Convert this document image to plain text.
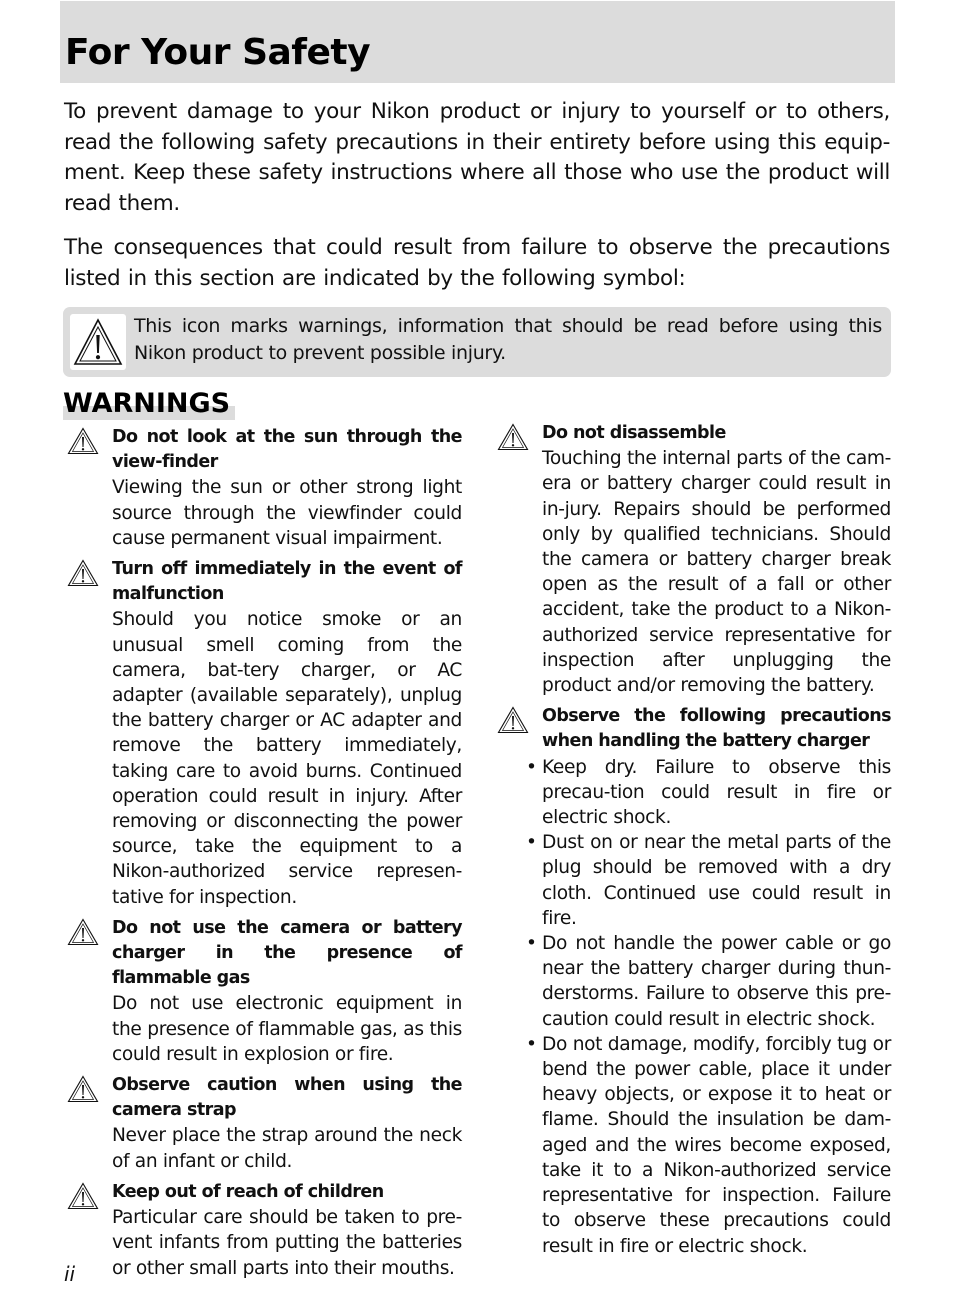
For Your Safety

To prevent damage to your Nikon product or injury to yourself or to others, read the following safety precautions in their entirety before using this equip-ment. Keep these safety instructions where all those who use the product will read them.

The consequences that could result from failure to observe the precautions listed in this section are indicated by the following symbol:

This icon marks warnings, information that should be read before using this Nikon product to prevent possible injury.

WARNINGS
Do not look at the sun through the view-finder

Viewing the sun or other strong light source through the viewfinder could cause permanent visual impairment.

Turn off immediately in the event of malfunction

Should you notice smoke or an unusual smell coming from the camera, bat-tery charger, or AC adapter (available separately), unplug the battery charger or AC adapter and remove the battery immediately, taking care to avoid burns. Continued operation could result in injury. After removing or disconnecting the power source, take the equipment to a Nikon-authorized service represen-tative for inspection.

Do not use the camera or battery charger in the presence of flammable gas

Do not use electronic equipment in the presence of flammable gas, as this could result in explosion or fire.

Observe caution when using the camera strap

Never place the strap around the neck of an infant or child.

Keep out of reach of children

Particular care should be taken to pre-vent infants from putting the batteries or other small parts into their mouths.

Do not disassemble

Touching the internal parts of the cam-era or battery charger could result in in-jury. Repairs should be performed only by qualified technicians. Should the camera or battery charger break open as the result of a fall or other accident, take the product to a Nikon-authorized service representative for inspection after unplugging the product and/or removing the battery.

Observe the following precautions when handling the battery charger
• Keep dry. Failure to observe this precau-tion could result in fire or electric shock.
• Dust on or near the metal parts of the plug should be removed with a dry cloth. Continued use could result in fire.
• Do not handle the power cable or go near the battery charger during thun-derstorms. Failure to observe this pre-caution could result in electric shock.
• Do not damage, modify, forcibly tug or bend the power cable, place it under heavy objects, or expose it to heat or flame. Should the insulation be dam-aged and the wires become exposed, take it to a Nikon-authorized service representative for inspection. Failure to observe these precautions could result in fire or electric shock.
ii
